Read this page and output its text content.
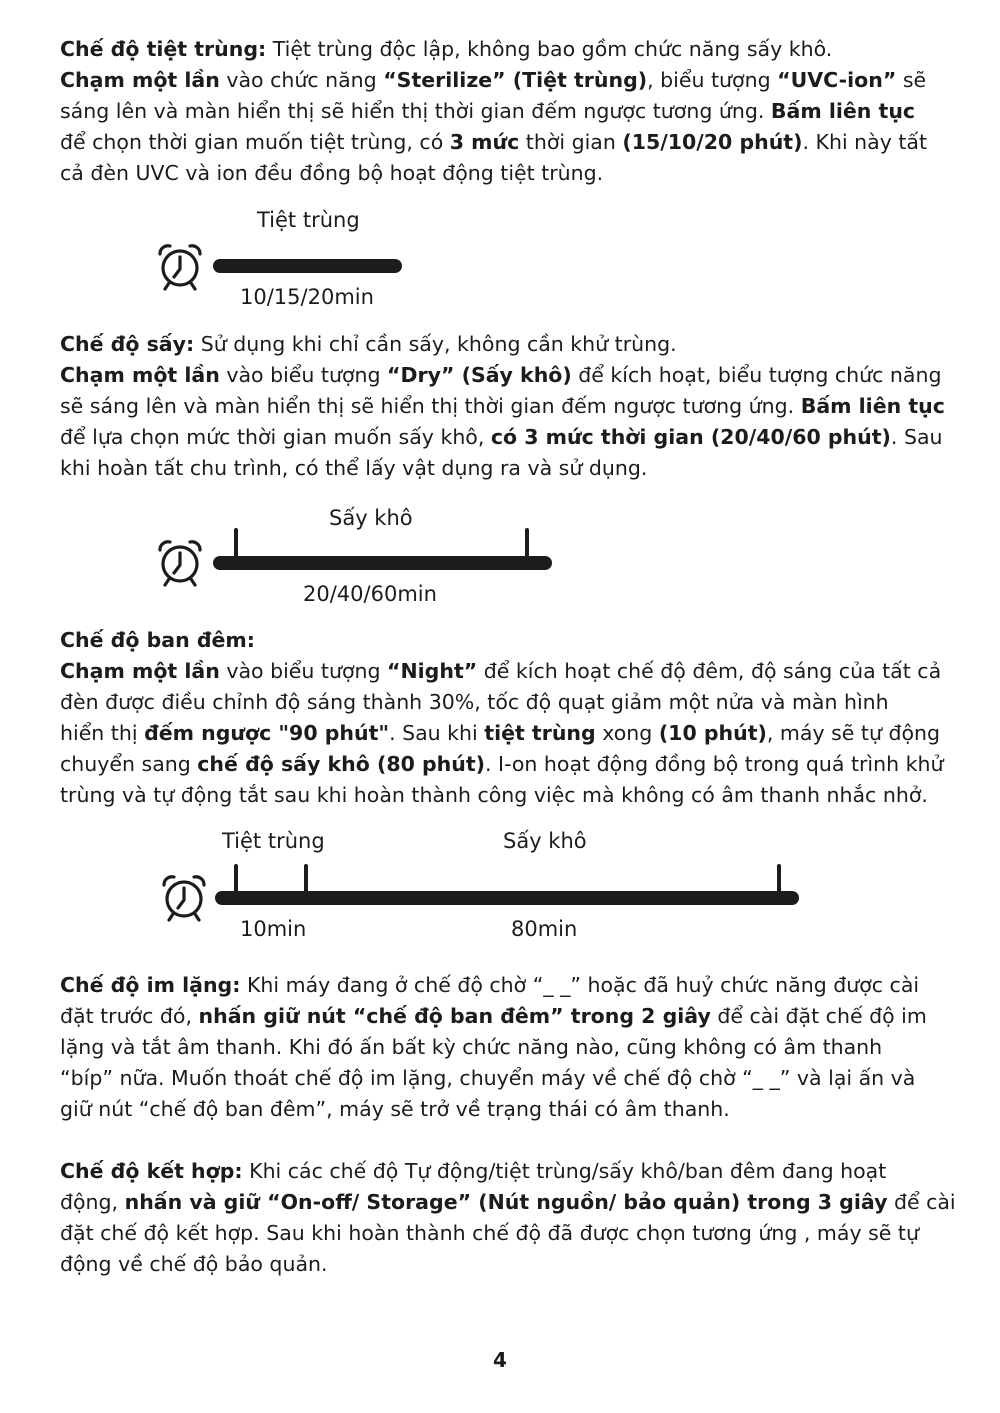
Chế độ tiệt trùng: Tiệt trùng độc lập, không bao gồm chức năng sấy khô.
Chạm một lần vào chức năng “Sterilize” (Tiệt trùng), biểu tượng “UVC-ion” sẽ
sáng lên và màn hiển thị sẽ hiển thị thời gian đếm ngược tương ứng. Bấm liên tục
để chọn thời gian muốn tiệt trùng, có 3 mức thời gian (15/10/20 phút). Khi này tất
cả đèn UVC và ion đều đồng bộ hoạt động tiệt trùng.
Chế độ sấy: Sử dụng khi chỉ cần sấy, không cần khử trùng.
Chạm một lần vào biểu tượng “Dry” (Sấy khô) để kích hoạt, biểu tượng chức năng
sẽ sáng lên và màn hiển thị sẽ hiển thị thời gian đếm ngược tương ứng. Bấm liên tục
để lựa chọn mức thời gian muốn sấy khô, có 3 mức thời gian (20/40/60 phút). Sau
khi hoàn tất chu trình, có thể lấy vật dụng ra và sử dụng.
Chế độ ban đêm:
Chạm một lần vào biểu tượng “Night” để kích hoạt chế độ đêm, độ sáng của tất cả
đèn được điều chỉnh độ sáng thành 30%, tốc độ quạt giảm một nửa và màn hình
hiển thị đếm ngược "90 phút". Sau khi tiệt trùng xong (10 phút), máy sẽ tự động
chuyển sang chế độ sấy khô (80 phút). I-on hoạt động đồng bộ trong quá trình khử
trùng và tự động tắt sau khi hoàn thành công việc mà không có âm thanh nhắc nhở.
Chế độ im lặng: Khi máy đang ở chế độ chờ “_ _” hoặc đã huỷ chức năng được cài
đặt trước đó, nhấn giữ nút “chế độ ban đêm” trong 2 giây để cài đặt chế độ im
lặng và tắt âm thanh. Khi đó ấn bất kỳ chức năng nào, cũng không có âm thanh
“bíp” nữa. Muốn thoát chế độ im lặng, chuyển máy về chế độ chờ “_ _” và lại ấn và
giữ nút “chế độ ban đêm”, máy sẽ trở về trạng thái có âm thanh.
Chế độ kết hợp: Khi các chế độ Tự động/tiệt trùng/sấy khô/ban đêm đang hoạt
động, nhấn và giữ “On-off/ Storage” (Nút nguồn/ bảo quản) trong 3 giây để cài
đặt chế độ kết hợp. Sau khi hoàn thành chế độ đã được chọn tương ứng , máy sẽ tự
động về chế độ bảo quản.
Tiệt trùng
10/15/20min
Sấy khô
20/40/60min
Tiệt trùng	Sấy khô
10min	80min
4
